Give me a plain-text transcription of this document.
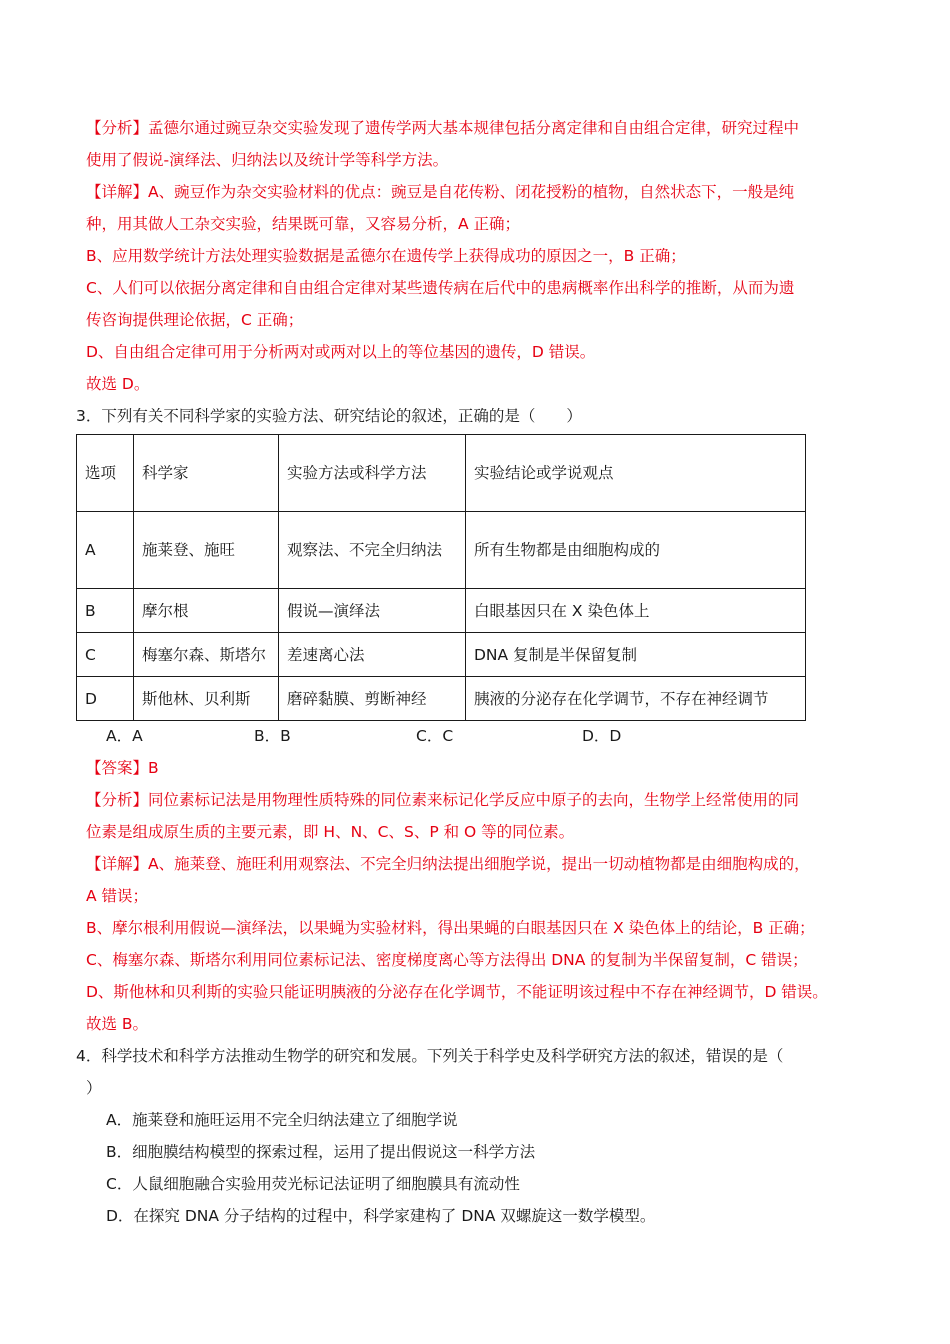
【分析】孟德尔通过豌豆杂交实验发现了遗传学两大基本规律包括分离定律和自由组合定律，研究过程中
使用了假说-演绎法、归纳法以及统计学等科学方法。
【详解】A、豌豆作为杂交实验材料的优点：豌豆是自花传粉、闭花授粉的植物，自然状态下，一般是纯
种，用其做人工杂交实验，结果既可靠，又容易分析，A 正确；
B、应用数学统计方法处理实验数据是孟德尔在遗传学上获得成功的原因之一，B 正确；
C、人们可以依据分离定律和自由组合定律对某些遗传病在后代中的患病概率作出科学的推断，从而为遗
传咨询提供理论依据，C 正确；
D、自由组合定律可用于分析两对或两对以上的等位基因的遗传，D 错误。
故选 D。
3．下列有关不同科学家的实验方法、研究结论的叙述，正确的是（　　）
选项	科学家	实验方法或科学方法	实验结论或学说观点
A	施莱登、施旺	观察法、不完全归纳法	所有生物都是由细胞构成的
B	摩尔根	假说—演绎法	白眼基因只在 X 染色体上
C	梅塞尔森、斯塔尔	差速离心法	DNA 复制是半保留复制
D	斯他林、贝利斯	磨碎黏膜、剪断神经	胰液的分泌存在化学调节，不存在神经调节
A．A	B．B	C．C	D．D
【答案】B
【分析】同位素标记法是用物理性质特殊的同位素来标记化学反应中原子的去向，生物学上经常使用的同
位素是组成原生质的主要元素，即 H、N、C、S、P 和 O 等的同位素。
【详解】A、施莱登、施旺利用观察法、不完全归纳法提出细胞学说，提出一切动植物都是由细胞构成的，
A 错误；
B、摩尔根利用假说—演绎法，以果蝇为实验材料，得出果蝇的白眼基因只在 X 染色体上的结论，B 正确；
C、梅塞尔森、斯塔尔利用同位素标记法、密度梯度离心等方法得出 DNA 的复制为半保留复制，C 错误；
D、斯他林和贝利斯的实验只能证明胰液的分泌存在化学调节，不能证明该过程中不存在神经调节，D 错误。
故选 B。
4．科学技术和科学方法推动生物学的研究和发展。下列关于科学史及科学研究方法的叙述，错误的是（
）
A．施莱登和施旺运用不完全归纳法建立了细胞学说
B．细胞膜结构模型的探索过程，运用了提出假说这一科学方法
C．人鼠细胞融合实验用荧光标记法证明了细胞膜具有流动性
D．在探究 DNA 分子结构的过程中，科学家建构了 DNA 双螺旋这一数学模型。
